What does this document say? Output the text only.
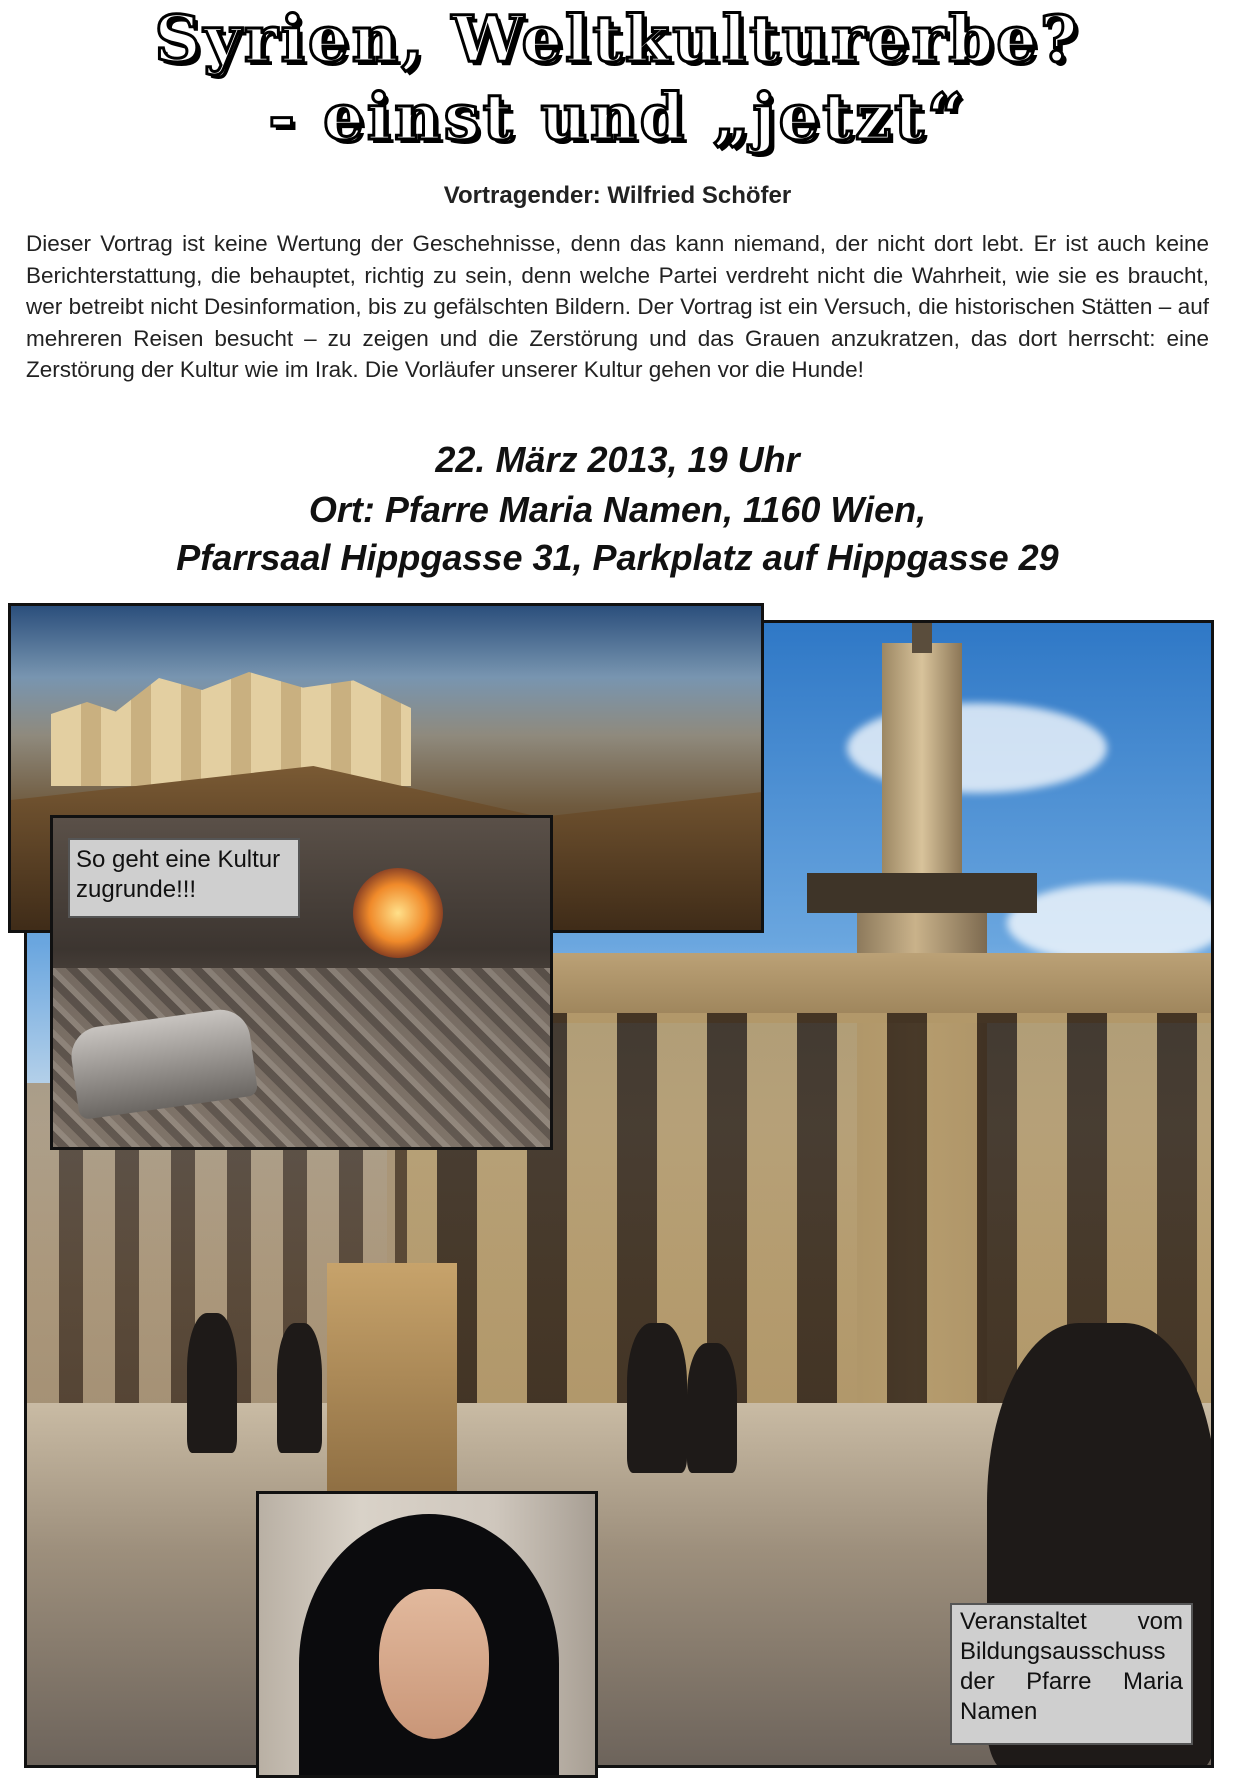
Syrien, Weltkulturerbe?
- einst und „jetzt“
Vortragender: Wilfried Schöfer

Dieser Vortrag ist keine Wertung der Geschehnisse, denn das kann niemand, der nicht dort lebt. Er ist auch keine Berichterstattung, die behauptet, richtig zu sein, denn welche Partei verdreht nicht die Wahrheit, wie sie es braucht, wer betreibt nicht Desinformation, bis zu gefälschten Bildern. Der Vortrag ist ein Versuch, die historischen Stätten – auf mehreren Reisen besucht – zu zeigen und die Zerstörung und das Grauen anzukratzen, das dort herrscht: eine Zerstörung der Kultur wie im Irak. Die Vorläufer unserer Kultur gehen vor die Hunde!

22. März 2013, 19 Uhr
Ort: Pfarre Maria Namen, 1160 Wien,
Pfarrsaal Hippgasse 31, Parkplatz auf Hippgasse 29
So geht eine Kultur zugrunde!!!
Veranstaltet vom Bildungsausschuss der Pfarre Maria Namen
